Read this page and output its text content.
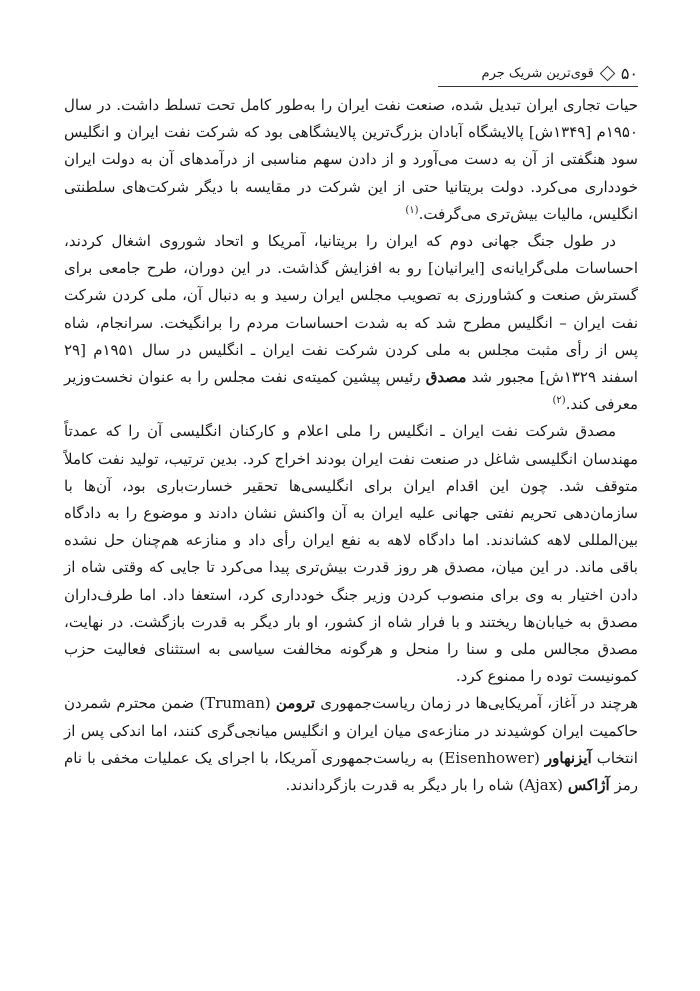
۵۰
قوی‌ترین شریک جرم

حیات تجاری ایران تبدیل شده، صنعت نفت ایران را به‌طور کامل تحت تسلط داشت. در سال ۱۹۵۰م [۱۳۴۹ش] پالایشگاه آبادان بزرگ‌ترین پالایشگاهی بود که شرکت نفت ایران و انگلیس سود هنگفتی از آن به دست می‌آورد و از دادن سهم مناسبی از درآمدهای آن به دولت ایران خودداری می‌کرد. دولت بریتانیا حتی از این شرکت در مقایسه با دیگر شرکت‌های سلطنتی انگلیس، مالیات بیش‌تری می‌گرفت.$^{(۱)}$

در طول جنگ جهانی دوم که ایران را بریتانیا، آمریکا و اتحاد شوروی اشغال کردند، احساسات ملی‌گرایانه‌ی [ایرانیان] رو به افزایش گذاشت. در این دوران، طرح جامعی برای گسترش صنعت و کشاورزی به تصویب مجلس ایران رسید و به دنبال آن، ملی کردن شرکت نفت ایران – انگلیس مطرح شد که به شدت احساسات مردم را برانگیخت. سرانجام، شاه پس از رأی مثبت مجلس به ملی کردن شرکت نفت ایران ـ انگلیس در سال ۱۹۵۱م [۲۹ اسفند ۱۳۲۹ش] مجبور شد مصدق رئیس پیشین کمیته‌ی نفت مجلس را به عنوان نخست‌وزیر معرفی کند.$^{(۲)}$

مصدق شرکت نفت ایران ـ انگلیس را ملی اعلام و کارکنان انگلیسی آن را که عمدتاً مهندسان انگلیسی شاغل در صنعت نفت ایران بودند اخراج کرد. بدین ترتیب، تولید نفت کاملاً متوقف شد. چون این اقدام ایران برای انگلیسی‌ها تحقیر خسارت‌باری بود، آن‌ها با سازمان‌دهی تحریم نفتی جهانی علیه ایران به آن واکنش نشان دادند و موضوع را به دادگاه بین‌المللی لاهه کشاندند. اما دادگاه لاهه به نفع ایران رأی داد و منازعه هم‌چنان حل نشده باقی ماند. در این میان، مصدق هر روز قدرت بیش‌تری پیدا می‌کرد تا جایی که وقتی شاه از دادن اختیار به وی برای منصوب کردن وزیر جنگ خودداری کرد، استعفا داد. اما طرف‌داران مصدق به خیابان‌ها ریختند و با فرار شاه از کشور، او بار دیگر به قدرت بازگشت. در نهایت، مصدق مجالس ملی و سنا را منحل و هرگونه مخالفت سیاسی به استثنای فعالیت حزب کمونیست توده را ممنوع کرد.

هرچند در آغاز، آمریکایی‌ها در زمان ریاست‌جمهوری ترومن (Truman) ضمن محترم شمردن حاکمیت ایران کوشیدند در منازعه‌ی میان ایران و انگلیس میانجی‌گری کنند، اما اندکی پس از انتخاب آیزنهاور (Eisenhower) به ریاست‌جمهوری آمریکا، با اجرای یک عملیات مخفی با نام رمز آژاکس (Ajax) شاه را بار دیگر به قدرت بازگرداندند.
